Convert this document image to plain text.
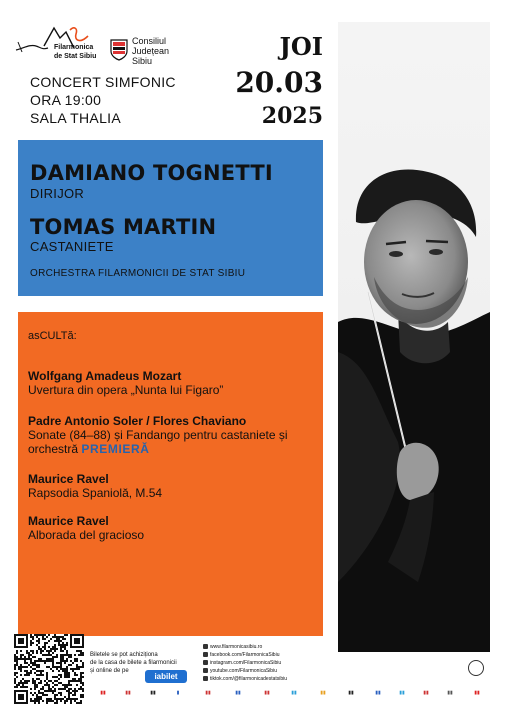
Filarmonica
de Stat Sibiu
Consiliul
Județean
Sibiu
CONCERT SIMFONIC
ORA 19:00
SALA THALIA
JOI
20.03
2025
DAMIANO TOGNETTI
DIRIJOR
TOMAS MARTIN
CASTANIETE
ORCHESTRA FILARMONICII DE STAT SIBIU
asCULTă:
Wolfgang Amadeus Mozart
Uvertura din opera „Nunta lui Figaro”
Padre Antonio Soler / Flores Chaviano
Sonate (84–88) și Fandango pentru castaniete și
orchestră PREMIERĂ
Maurice Ravel
Rapsodia Spaniolă, M.54
Maurice Ravel
Alborada del gracioso
Biletele se pot achiziționa
de la casa de bilete a filarmonicii
și online de pe
iabilet
www.filarmonicasibiu.ro
facebook.com/FilarmonicaSibiu
instagram.com/FilarmonicaSibiu
youtube.com/FilarmonicaSibiu
tiktok.com/@filarmonicadestatsibiu
▮▮	▮▮	▮▮	▮	▮▮	▮▮	▮▮	▮▮	▮▮	▮▮	▮▮	▮▮	▮▮	▮▮	▮▮
